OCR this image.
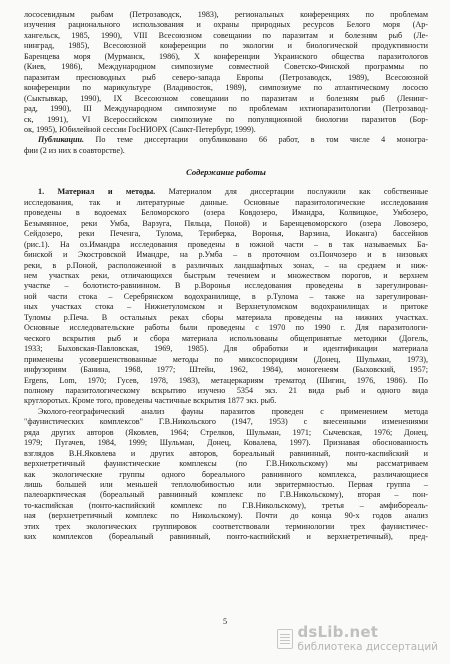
лососевидным рыбам (Петрозаводск, 1983), региональных конференциях по проблемам
изучения рационального использования и охраны природных ресурсов Белого моря (Ар-
хангельск, 1985, 1990), VIII Всесоюзном совещании по паразитам и болезням рыб (Ле-
нинград, 1985), Всесоюзной конференции по экологии и биологической продуктивности
Баренцева моря (Мурманск, 1986), X конференции Украинского общества паразитологов
(Киев, 1986), Международном симпозиуме совместной Советско-Финской программы по
паразитам пресноводных рыб северо-запада Европы (Петрозаводск, 1989), Всесоюзной
конференции по марикультуре (Владивосток, 1989), симпозиуме по атлантическому лососю
(Сыктывкар, 1990), IX Всесоюзном совещании по паразитам и болезням рыб (Ленинг-
рад, 1990), III Международном симпозиуме по проблемам ихтиопаразитологии (Петрозавод-
ск, 1991), VI Всероссийском симпозиуме по популяционной биологии паразитов (Бор-
ок, 1995), Юбилейной сессии ГосНИОРХ (Санкт-Петербург, 1999).

Публикации. По теме диссертации опубликовано 66 работ, в том числе 4 моногра-

фии (2 из них в соавторстве).

Содержание работы

1. Материал и методы. Материалом для диссертации послужили как собственные
исследования, так и литературные данные. Основные паразитологические исследования
проведены в водоемах Беломорского (озера Ковдозеро, Имандра, Колвицкое, Умбозеро,
Безымянное, реки Умба, Варзуга, Пяльца, Поной) и Баренцевоморского (озера Ловозеро,
Сейдозеро, реки Печенга, Тулома, Териберка, Воронья, Варзина, Иоканга) бассейнов
(рис.1). На оз.Имандра исследования проведены в южной части – в так называемых Ба-
бинской и Экостровской Имандре, на р.Умба – в проточном оз.Пончозеро и в низовьях
реки, в р.Поной, расположенной в различных ландшафтных зонах, – на среднем и ниж-
нем участках реки, отличающихся быстрым течением и множеством порогов, и верхнем
участке – болотисто-равнинном. В р.Воронья исследования проведены в зарегулирован-
ной части стока – Серебрянском водохранилище, в р.Тулома – также на зарегулирован-
ных участках стока – Нижнетуломском и Верхнетуломском водохранилищах и притоке
Туломы р.Печа. В остальных реках сборы материала проведены на нижних участках.
Основные исследовательские работы были проведены с 1970 по 1990 г. Для паразитологи-
ческого вскрытия рыб и сбора материала использованы общепринятые методики (Догель,
1933; Быховская-Павловская, 1969, 1985). Для обработки и идентификации материала
применены усовершенствованные методы по миксоспоридиям (Донец, Шульман, 1973),
инфузориям (Банина, 1968, 1977; Штейн, 1962, 1984), моногенеям (Быховский, 1957;
Ergens, Lom, 1970; Гусев, 1978, 1983), метацеркариям трематод (Шигин, 1976, 1986). По
полному паразитологическому вскрытию изучено 5354 экз. 21 вида рыб и одного вида
круглоротых. Кроме того, проведены частичные вскрытия 1877 экз. рыб.

Эколого-географический анализ фауны паразитов проведен с применением метода
"фаунистических комплексов" Г.В.Никольского (1947, 1953) с внесенными изменениями
ряда других авторов (Яковлев, 1964; Стрелков, Шульман, 1971; Сычевская, 1976; Донец,
1979; Пугачев, 1984, 1999; Шульман, Донец, Ковалева, 1997). Признавая обоснованность
взглядов В.Н.Яковлева и других авторов, бореальный равнинный, понто-каспийский и
верхнетретичный фаунистические комплексы (по Г.В.Никольскому) мы рассматриваем
как экологические группы одного бореального равнинного комплекса, различающиеся
лишь большей или меньшей теплолюбивостью или эвритермностью. Первая группа –
палеоарктическая (бореальный равнинный комплекс по Г.В.Никольскому), вторая – пон-
то-каспийская (понто-каспийский комплекс по Г.В.Никольскому), третья – амфибореаль-
ная (верхнетретичный комплекс по Никольскому). Почти до конца 90-х годов анализ
этих трех экологических группировок соответствовали терминологии трех фаунистичес-
ких комплексов (бореальный равнинный, понто-каспийский и верхнетретичный), пред-

5
dsLib.net
библиотека диссертаций
